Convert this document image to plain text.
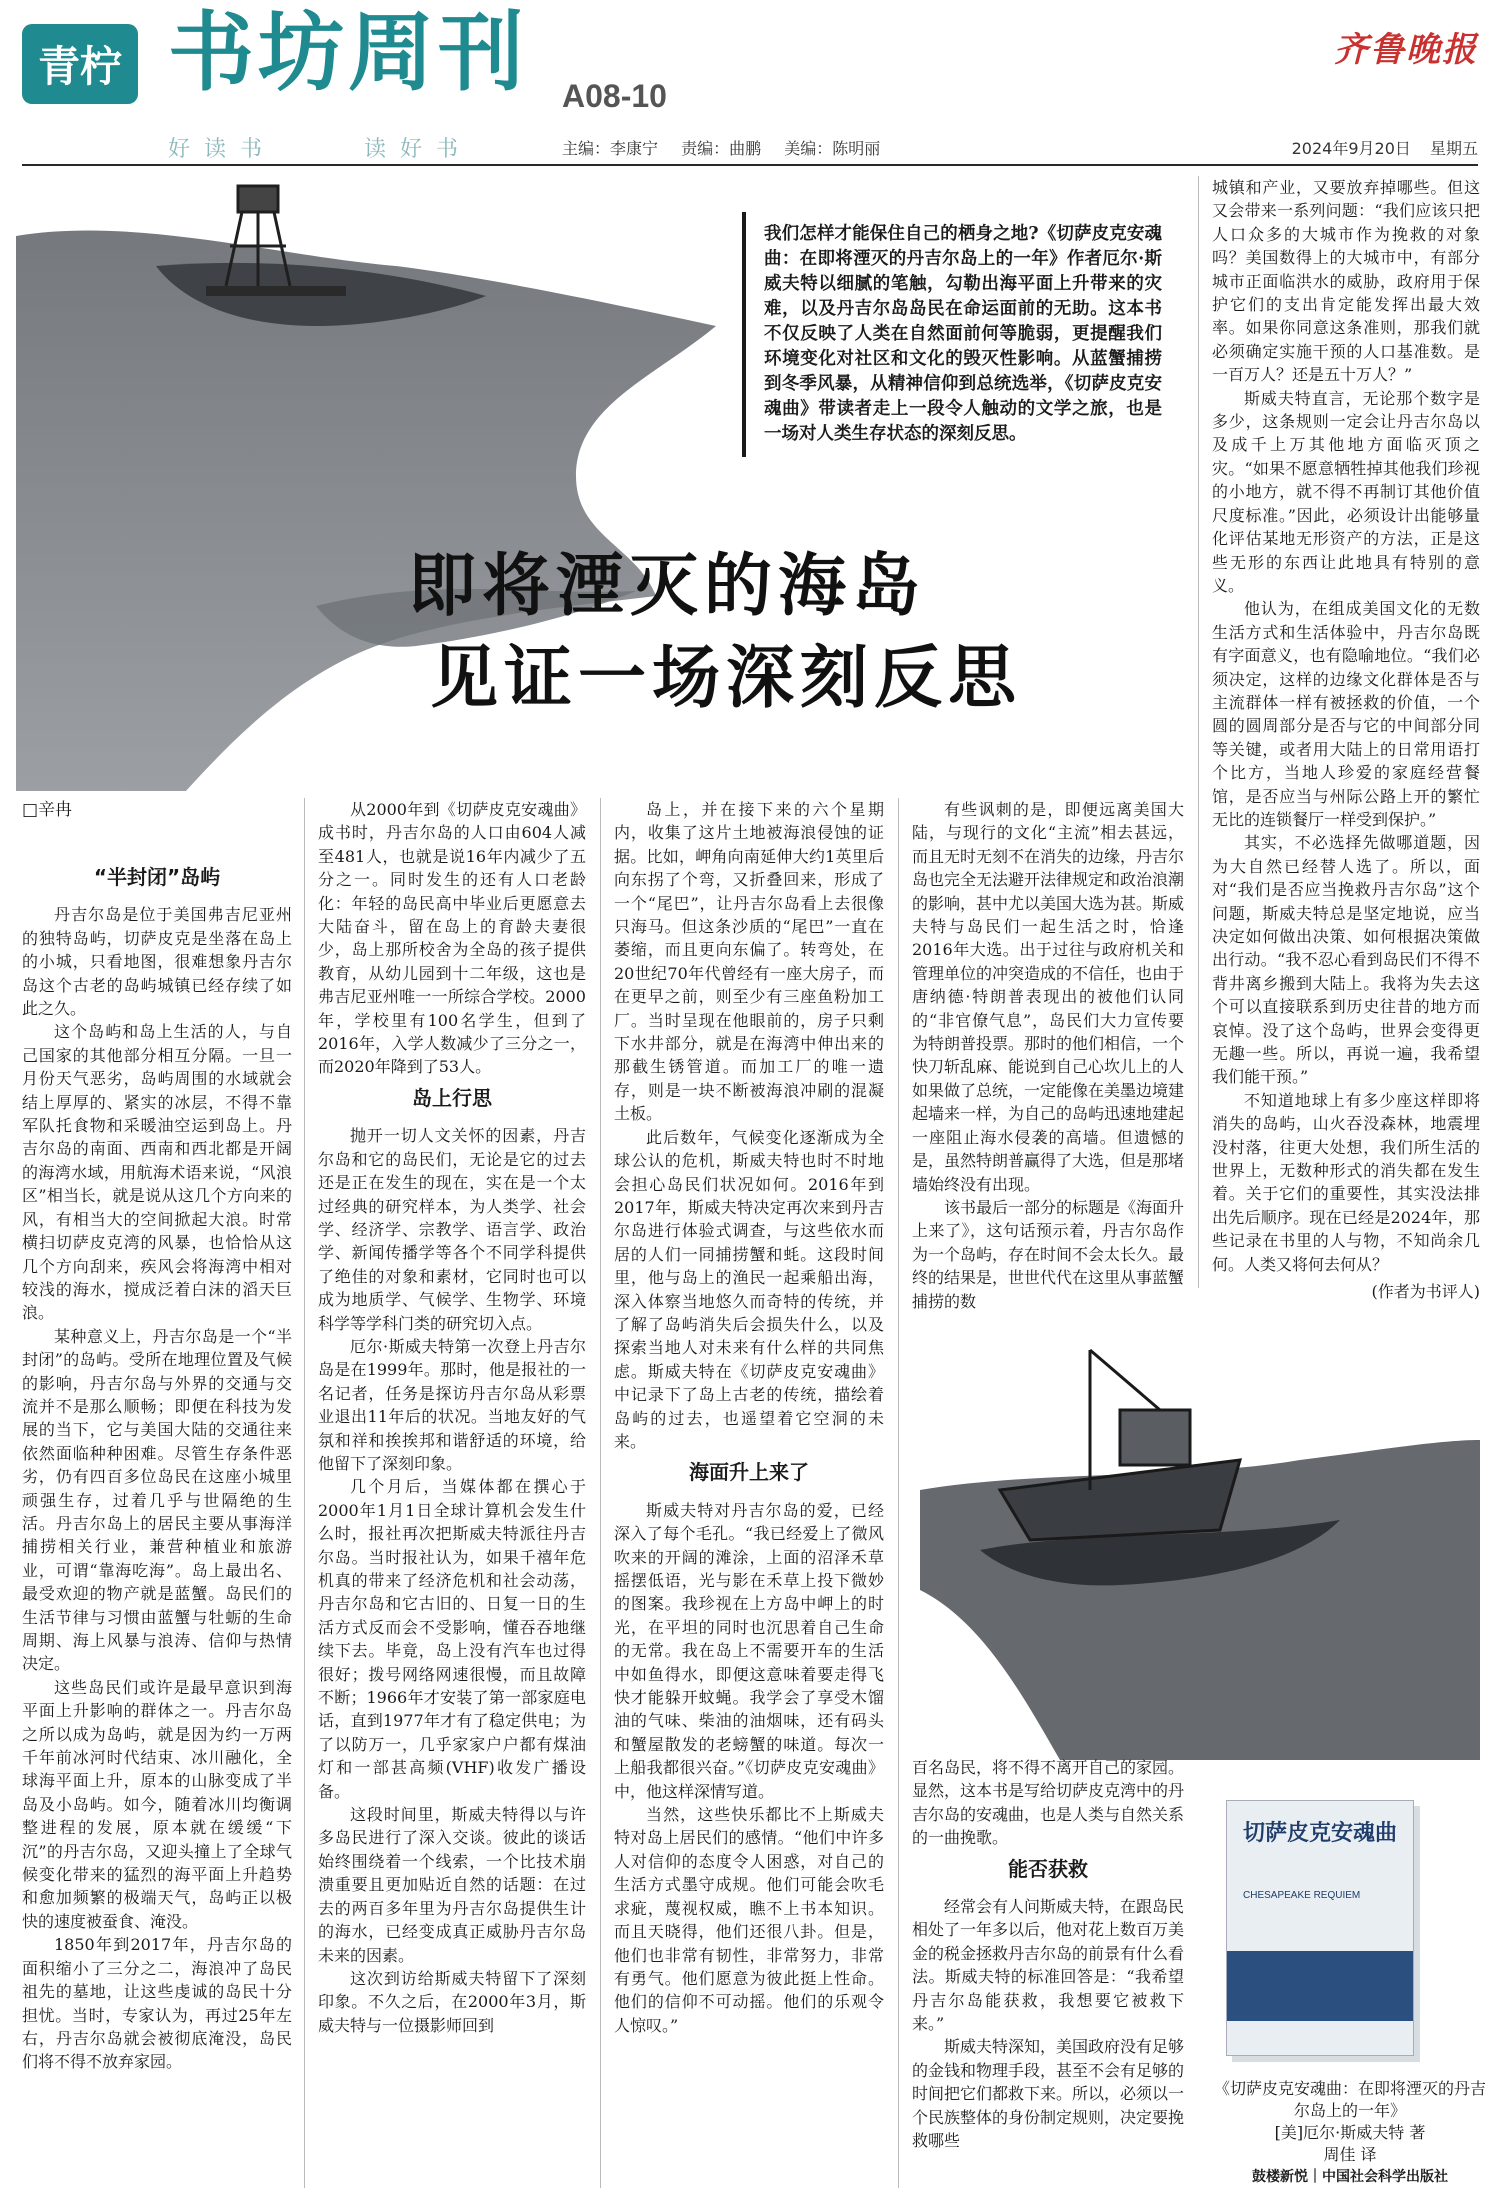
青柠 书坊周刊
好读书	读好书
A08-10
主编：李康宁 责编：曲鹏 美编：陈明丽
齐鲁晚报
2024年9月20日 星期五
我们怎样才能保住自己的栖身之地?《切萨皮克安魂曲：在即将湮灭的丹吉尔岛上的一年》作者厄尔·斯威夫特以细腻的笔触，勾勒出海平面上升带来的灾难，以及丹吉尔岛岛民在命运面前的无助。这本书不仅反映了人类在自然面前何等脆弱，更提醒我们环境变化对社区和文化的毁灭性影响。从蓝蟹捕捞到冬季风暴，从精神信仰到总统选举，《切萨皮克安魂曲》带读者走上一段令人触动的文学之旅，也是一场对人类生存状态的深刻反思。
即将湮灭的海岛
见证一场深刻反思
□辛冉
“半封闭”岛屿

丹吉尔岛是位于美国弗吉尼亚州的独特岛屿，切萨皮克是坐落在岛上的小城，只看地图，很难想象丹吉尔岛这个古老的岛屿城镇已经存续了如此之久。

这个岛屿和岛上生活的人，与自己国家的其他部分相互分隔。一旦一月份天气恶劣，岛屿周围的水域就会结上厚厚的、紧实的冰层，不得不靠军队托食物和采暖油空运到岛上。丹吉尔岛的南面、西南和西北都是开阔的海湾水域，用航海术语来说，“风浪区”相当长，就是说从这几个方向来的风，有相当大的空间掀起大浪。时常横扫切萨皮克湾的风暴，也恰恰从这几个方向刮来，疾风会将海湾中相对较浅的海水，搅成泛着白沫的滔天巨浪。

某种意义上，丹吉尔岛是一个“半封闭”的岛屿。受所在地理位置及气候的影响，丹吉尔岛与外界的交通与交流并不是那么顺畅；即便在科技为发展的当下，它与美国大陆的交通往来依然面临种种困难。尽管生存条件恶劣，仍有四百多位岛民在这座小城里顽强生存，过着几乎与世隔绝的生活。丹吉尔岛上的居民主要从事海洋捕捞相关行业，兼营种植业和旅游业，可谓“靠海吃海”。岛上最出名、最受欢迎的物产就是蓝蟹。岛民们的生活节律与习惯由蓝蟹与牡蛎的生命周期、海上风暴与浪涛、信仰与热情决定。

这些岛民们或许是最早意识到海平面上升影响的群体之一。丹吉尔岛之所以成为岛屿，就是因为约一万两千年前冰河时代结束、冰川融化，全球海平面上升，原本的山脉变成了半岛及小岛屿。如今，随着冰川均衡调整进程的发展，原本就在缓缓“下沉”的丹吉尔岛，又迎头撞上了全球气候变化带来的猛烈的海平面上升趋势和愈加频繁的极端天气，岛屿正以极快的速度被蚕食、淹没。

1850年到2017年，丹吉尔岛的面积缩小了三分之二，海浪冲了岛民祖先的墓地，让这些虔诚的岛民十分担忧。当时，专家认为，再过25年左右，丹吉尔岛就会被彻底淹没，岛民们将不得不放弃家园。

从2000年到《切萨皮克安魂曲》成书时，丹吉尔岛的人口由604人减至481人，也就是说16年内减少了五分之一。同时发生的还有人口老龄化：年轻的岛民高中毕业后更愿意去大陆奋斗，留在岛上的育龄夫妻很少，岛上那所校舍为全岛的孩子提供教育，从幼儿园到十二年级，这也是弗吉尼亚州唯一一所综合学校。2000年，学校里有100名学生，但到了2016年，入学人数减少了三分之一，而2020年降到了53人。

岛上行思

抛开一切人文关怀的因素，丹吉尔岛和它的岛民们，无论是它的过去还是正在发生的现在，实在是一个太过经典的研究样本，为人类学、社会学、经济学、宗教学、语言学、政治学、新闻传播学等各个不同学科提供了绝佳的对象和素材，它同时也可以成为地质学、气候学、生物学、环境科学等学科门类的研究切入点。

厄尔·斯威夫特第一次登上丹吉尔岛是在1999年。那时，他是报社的一名记者，任务是探访丹吉尔岛从彩票业退出11年后的状况。当地友好的气氛和祥和挨挨邦和谐舒适的环境，给他留下了深刻印象。

几个月后，当媒体都在撰心于2000年1月1日全球计算机会发生什么时，报社再次把斯威夫特派往丹吉尔岛。当时报社认为，如果千禧年危机真的带来了经济危机和社会动荡，丹吉尔岛和它古旧的、日复一日的生活方式反而会不受影响，懂吞吞地继续下去。毕竟，岛上没有汽车也过得很好；拨号网络网速很慢，而且故障不断；1966年才安装了第一部家庭电话，直到1977年才有了稳定供电；为了以防万一，几乎家家户户都有煤油灯和一部甚高频(VHF)收发广播设备。

这段时间里，斯威夫特得以与许多岛民进行了深入交谈。彼此的谈话始终围绕着一个线索，一个比技术崩溃重要且更加贴近自然的话题：在过去的两百多年里为丹吉尔岛提供生计的海水，已经变成真正威胁丹吉尔岛未来的因素。

这次到访给斯威夫特留下了深刻印象。不久之后，在2000年3月，斯威夫特与一位摄影师回到

岛上，并在接下来的六个星期内，收集了这片土地被海浪侵蚀的证据。比如，岬角向南延伸大约1英里后向东拐了个弯，又折叠回来，形成了一个“尾巴”，让丹吉尔岛看上去很像只海马。但这条沙质的“尾巴”一直在萎缩，而且更向东偏了。转弯处，在20世纪70年代曾经有一座大房子，而在更早之前，则至少有三座鱼粉加工厂。当时呈现在他眼前的，房子只剩下水井部分，就是在海湾中伸出来的那截生锈管道。而加工厂的唯一遗存，则是一块不断被海浪冲刷的混凝土板。

此后数年，气候变化逐渐成为全球公认的危机，斯威夫特也时不时地会担心岛民们状况如何。2016年到2017年，斯威夫特决定再次来到丹吉尔岛进行体验式调查，与这些依水而居的人们一同捕捞蟹和蚝。这段时间里，他与岛上的渔民一起乘船出海，深入体察当地悠久而奇特的传统，并了解了岛屿消失后会损失什么，以及探索当地人对未来有什么样的共同焦虑。斯威夫特在《切萨皮克安魂曲》中记录下了岛上古老的传统，描绘着岛屿的过去，也遥望着它空洞的未来。

海面升上来了

斯威夫特对丹吉尔岛的爱，已经深入了每个毛孔。“我已经爱上了微风吹来的开阔的滩涂，上面的沼泽禾草摇摆低语，光与影在禾草上投下微妙的图案。我珍视在上方岛中岬上的时光，在平坦的同时也沉思着自己生命的无常。我在岛上不需要开车的生活中如鱼得水，即便这意味着要走得飞快才能躲开蚊蝇。我学会了享受木馏油的气味、柴油的油烟味，还有码头和蟹屋散发的老螃蟹的味道。每次一上船我都很兴奋。”《切萨皮克安魂曲》中，他这样深情写道。

当然，这些快乐都比不上斯威夫特对岛上居民们的感情。“他们中许多人对信仰的态度令人困惑，对自己的生活方式墨守成规。他们可能会吹毛求疵，蔑视权威，瞧不上书本知识。而且天晓得，他们还很八卦。但是，他们也非常有韧性，非常努力，非常有勇气。他们愿意为彼此挺上性命。他们的信仰不可动摇。他们的乐观令人惊叹。”

有些讽刺的是，即便远离美国大陆，与现行的文化“主流”相去甚远，而且无时无刻不在消失的边缘，丹吉尔岛也完全无法避开法律规定和政治浪潮的影响，甚中尤以美国大选为甚。斯威夫特与岛民们一起生活之时，恰逢2016年大选。出于过往与政府机关和管理单位的冲突造成的不信任，也由于唐纳德·特朗普表现出的被他们认同的“非官僚气息”，岛民们大力宣传要为特朗普投票。那时的他们相信，一个快刀斩乱麻、能说到自己心坎儿上的人如果做了总统，一定能像在美墨边境建起墙来一样，为自己的岛屿迅速地建起一座阻止海水侵袭的高墙。但遗憾的是，虽然特朗普赢得了大选，但是那堵墙始终没有出现。

该书最后一部分的标题是《海面升上来了》，这句话预示着，丹吉尔岛作为一个岛屿，存在时间不会太长久。最终的结果是，世世代代在这里从事蓝蟹捕捞的数

百名岛民，将不得不离开自己的家园。显然，这本书是写给切萨皮克湾中的丹吉尔岛的安魂曲，也是人类与自然关系的一曲挽歌。

能否获救

经常会有人问斯威夫特，在跟岛民相处了一年多以后，他对花上数百万美金的税金拯救丹吉尔岛的前景有什么看法。斯威夫特的标准回答是：“我希望丹吉尔岛能获救，我想要它被救下来。”

斯威夫特深知，美国政府没有足够的金钱和物理手段，甚至不会有足够的时间把它们都救下来。所以，必须以一个民族整体的身份制定规则，决定要挽救哪些

城镇和产业，又要放弃掉哪些。但这又会带来一系列问题：“我们应该只把人口众多的大城市作为挽救的对象吗？美国数得上的大城市中，有部分城市正面临洪水的威胁，政府用于保护它们的支出肯定能发挥出最大效率。如果你同意这条准则，那我们就必须确定实施干预的人口基准数。是一百万人？还是五十万人？”

斯威夫特直言，无论那个数字是多少，这条规则一定会让丹吉尔岛以及成千上万其他地方面临灭顶之灾。“如果不愿意牺牲掉其他我们珍视的小地方，就不得不再制订其他价值尺度标准。”因此，必须设计出能够量化评估某地无形资产的方法，正是这些无形的东西让此地具有特别的意义。

他认为，在组成美国文化的无数生活方式和生活体验中，丹吉尔岛既有字面意义，也有隐喻地位。“我们必须决定，这样的边缘文化群体是否与主流群体一样有被拯救的价值，一个圆的圆周部分是否与它的中间部分同等关键，或者用大陆上的日常用语打个比方，当地人珍爱的家庭经营餐馆，是否应当与州际公路上开的繁忙无比的连锁餐厅一样受到保护。”

其实，不必选择先做哪道题，因为大自然已经替人选了。所以，面对“我们是否应当挽救丹吉尔岛”这个问题，斯威夫特总是坚定地说，应当决定如何做出决策、如何根据决策做出行动。“我不忍心看到岛民们不得不背井离乡搬到大陆上。我将为失去这个可以直接联系到历史往昔的地方而哀悼。没了这个岛屿，世界会变得更无趣一些。所以，再说一遍，我希望我们能干预。”

不知道地球上有多少座这样即将消失的岛屿，山火吞没森林，地震埋没村落，往更大处想，我们所生活的世界上，无数种形式的消失都在发生着。关于它们的重要性，其实没法排出先后顺序。现在已经是2024年，那些记录在书里的人与物，不知尚余几何。人类又将何去何从？

(作者为书评人)
切萨皮克安魂曲
CHESAPEAKE REQUIEM
《切萨皮克安魂曲：在即将湮灭的丹吉尔岛上的一年》
[美]厄尔·斯威夫特 著
周佳 译
鼓楼新悦｜中国社会科学出版社
